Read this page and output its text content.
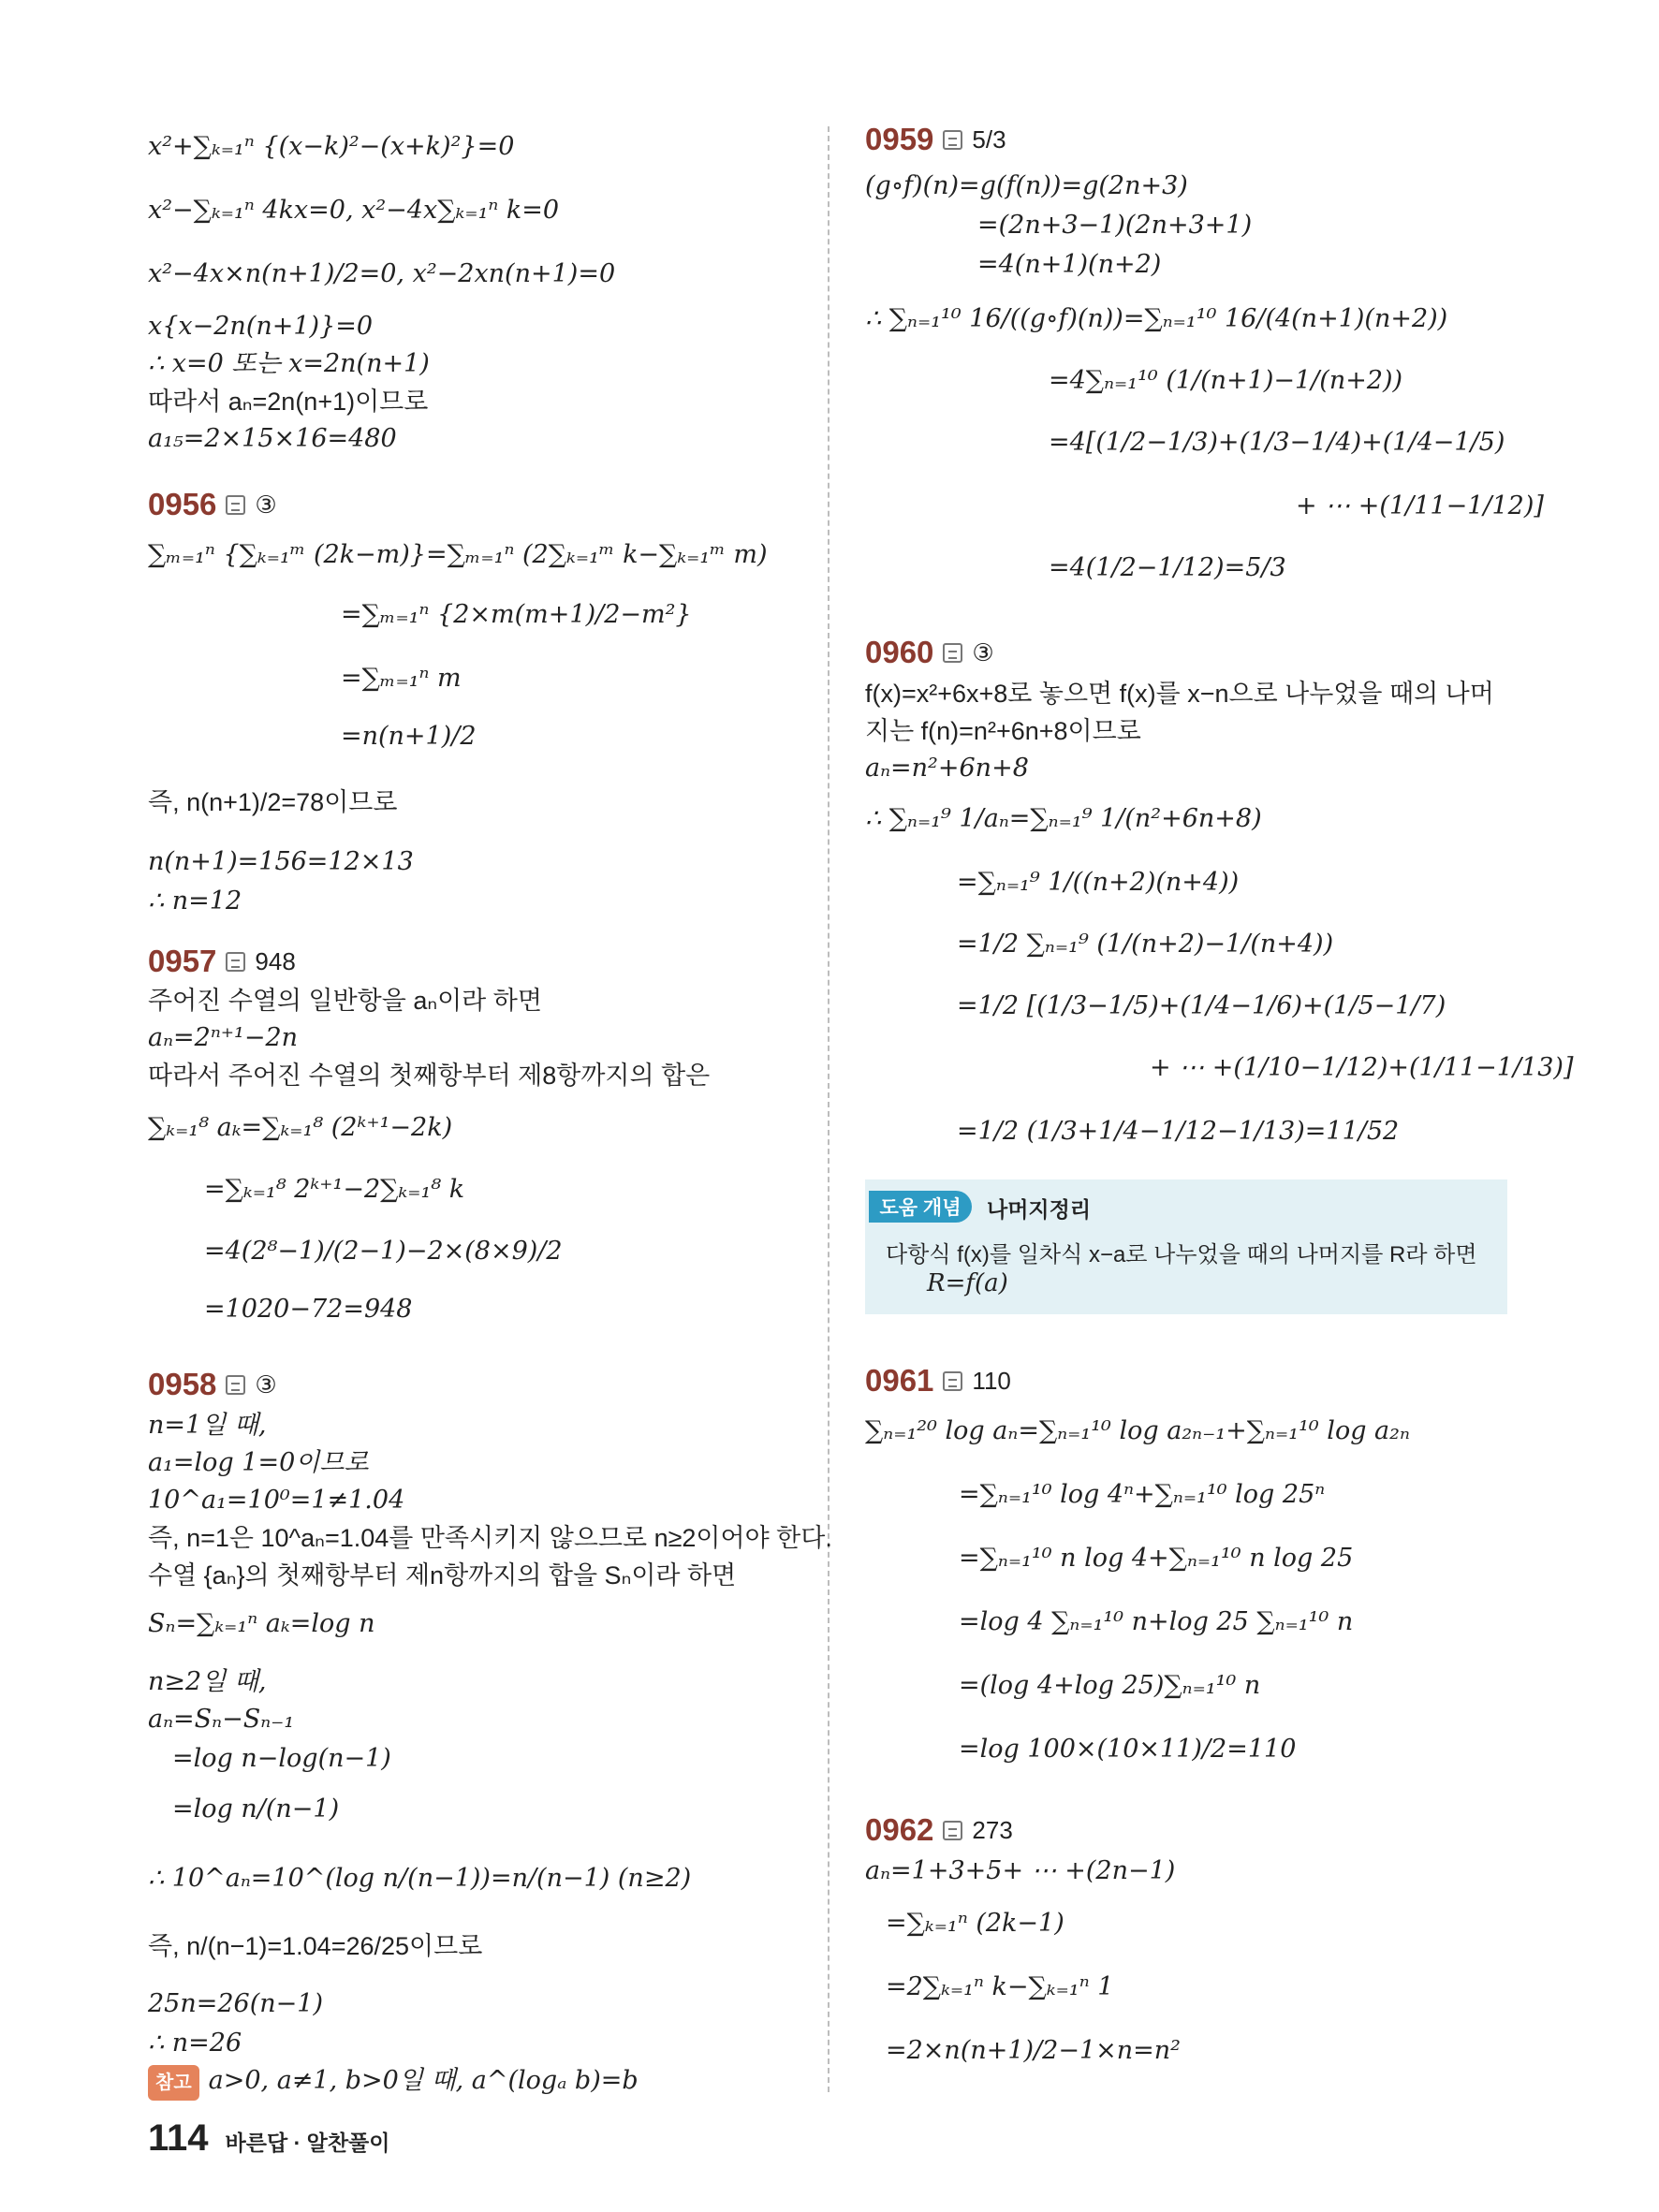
x²+∑ₖ₌₁ⁿ {(x−k)²−(x+k)²}=0
x²−∑ₖ₌₁ⁿ 4kx=0, x²−4x∑ₖ₌₁ⁿ k=0
x²−4x×n(n+1)/2=0, x²−2xn(n+1)=0
x{x−2n(n+1)}=0
∴ x=0 또는 x=2n(n+1)
따라서 aₙ=2n(n+1)이므로
a₁₅=2×15×16=480
0956 ③
∑ₘ₌₁ⁿ {∑ₖ₌₁ᵐ (2k−m)}=∑ₘ₌₁ⁿ (2∑ₖ₌₁ᵐ k−∑ₖ₌₁ᵐ m)
=∑ₘ₌₁ⁿ {2×m(m+1)/2−m²}
=∑ₘ₌₁ⁿ m
=n(n+1)/2
즉, n(n+1)/2=78이므로
n(n+1)=156=12×13
∴ n=12
0957 948
주어진 수열의 일반항을 aₙ이라 하면
aₙ=2ⁿ⁺¹−2n
따라서 주어진 수열의 첫째항부터 제8항까지의 합은
∑ₖ₌₁⁸ aₖ=∑ₖ₌₁⁸ (2ᵏ⁺¹−2k)
=∑ₖ₌₁⁸ 2ᵏ⁺¹−2∑ₖ₌₁⁸ k
=4(2⁸−1)/(2−1)−2×(8×9)/2
=1020−72=948
0958 ③
n=1일 때,
a₁=log 1=0이므로
10^a₁=10⁰=1≠1.04
즉, n=1은 10^aₙ=1.04를 만족시키지 않으므로 n≥2이어야 한다.
수열 {aₙ}의 첫째항부터 제n항까지의 합을 Sₙ이라 하면
Sₙ=∑ₖ₌₁ⁿ aₖ=log n
n≥2일 때,
aₙ=Sₙ−Sₙ₋₁
=log n−log(n−1)
=log n/(n−1)
∴ 10^aₙ=10^(log n/(n−1))=n/(n−1) (n≥2)
즉, n/(n−1)=1.04=26/25이므로
25n=26(n−1)
∴ n=26
참고 a>0, a≠1, b>0일 때, a^(logₐ b)=b
0959 5/3
(g∘f)(n)=g(f(n))=g(2n+3)
=(2n+3−1)(2n+3+1)
=4(n+1)(n+2)
∴ ∑ₙ₌₁¹⁰ 16/((g∘f)(n))=∑ₙ₌₁¹⁰ 16/(4(n+1)(n+2))
=4∑ₙ₌₁¹⁰ (1/(n+1)−1/(n+2))
=4[(1/2−1/3)+(1/3−1/4)+(1/4−1/5)
+ ⋯ +(1/11−1/12)]
=4(1/2−1/12)=5/3
0960 ③
f(x)=x²+6x+8로 놓으면 f(x)를 x−n으로 나누었을 때의 나머
지는 f(n)=n²+6n+8이므로
aₙ=n²+6n+8
∴ ∑ₙ₌₁⁹ 1/aₙ=∑ₙ₌₁⁹ 1/(n²+6n+8)
=∑ₙ₌₁⁹ 1/((n+2)(n+4))
=1/2 ∑ₙ₌₁⁹ (1/(n+2)−1/(n+4))
=1/2 [(1/3−1/5)+(1/4−1/6)+(1/5−1/7)
+ ⋯ +(1/10−1/12)+(1/11−1/13)]
=1/2 (1/3+1/4−1/12−1/13)=11/52
도움 개념	나머지정리
다항식 f(x)를 일차식 x−a로 나누었을 때의 나머지를 R라 하면
R=f(a)
0961 110
∑ₙ₌₁²⁰ log aₙ=∑ₙ₌₁¹⁰ log a₂ₙ₋₁+∑ₙ₌₁¹⁰ log a₂ₙ
=∑ₙ₌₁¹⁰ log 4ⁿ+∑ₙ₌₁¹⁰ log 25ⁿ
=∑ₙ₌₁¹⁰ n log 4+∑ₙ₌₁¹⁰ n log 25
=log 4 ∑ₙ₌₁¹⁰ n+log 25 ∑ₙ₌₁¹⁰ n
=(log 4+log 25)∑ₙ₌₁¹⁰ n
=log 100×(10×11)/2=110
0962 273
aₙ=1+3+5+ ⋯ +(2n−1)
=∑ₖ₌₁ⁿ (2k−1)
=2∑ₖ₌₁ⁿ k−∑ₖ₌₁ⁿ 1
=2×n(n+1)/2−1×n=n²
114 바른답 · 알찬풀이
